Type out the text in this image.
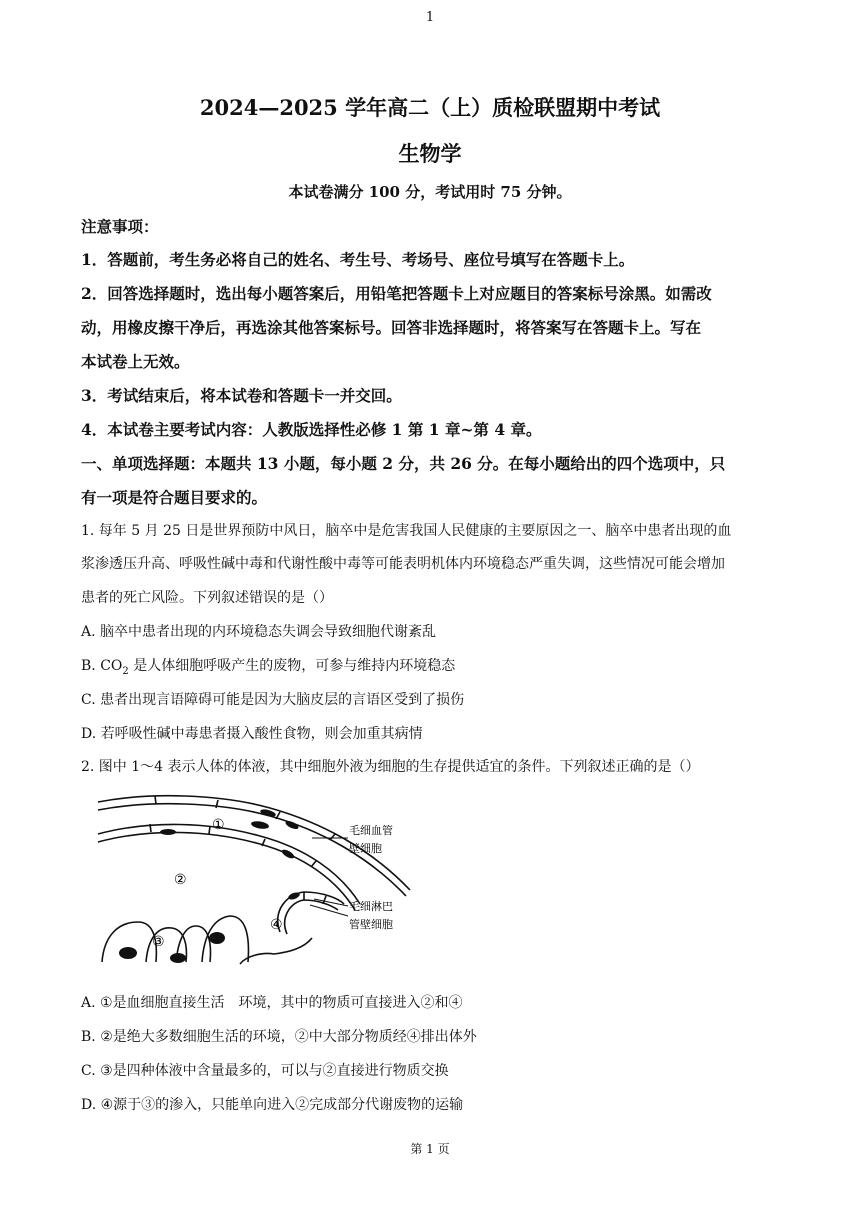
1
2024—2025 学年高二（上）质检联盟期中考试
生物学
本试卷满分 100 分，考试用时 75 分钟。
注意事项：
1．答题前，考生务必将自己的姓名、考生号、考场号、座位号填写在答题卡上。
2．回答选择题时，选出每小题答案后，用铅笔把答题卡上对应题目的答案标号涂黑。如需改
动，用橡皮擦干净后，再选涂其他答案标号。回答非选择题时，将答案写在答题卡上。写在
本试卷上无效。
3．考试结束后，将本试卷和答题卡一并交回。
4．本试卷主要考试内容：人教版选择性必修 1 第 1 章~第 4 章。
一、单项选择题：本题共 13 小题，每小题 2 分，共 26 分。在每小题给出的四个选项中，只
有一项是符合题目要求的。
1. 每年 5 月 25 日是世界预防中风日，脑卒中是危害我国人民健康的主要原因之一、脑卒中患者出现的血
浆渗透压升高、呼吸性碱中毒和代谢性酸中毒等可能表明机体内环境稳态严重失调，这些情况可能会增加
患者的死亡风险。下列叙述错误的是（）
A. 脑卒中患者出现的内环境稳态失调会导致细胞代谢紊乱
B. $CO_2$ 是人体细胞呼吸产生的废物，可参与维持内环境稳态
C. 患者出现言语障碍可能是因为大脑皮层的言语区受到了损伤
D. 若呼吸性碱中毒患者摄入酸性食物，则会加重其病情
2. 图中 1～4 表示人体的体液，其中细胞外液为细胞的生存提供适宜的条件。下列叙述正确的是（）
①
②
③
④
毛细血管
壁细胞
毛细淋巴
管壁细胞
A. ①是血细胞直接生活　环境，其中的物质可直接进入②和④
B. ②是绝大多数细胞生活的环境，②中大部分物质经④排出体外
C. ③是四种体液中含量最多的，可以与②直接进行物质交换
D. ④源于③的渗入，只能单向进入②完成部分代谢废物的运输
第 1 页
